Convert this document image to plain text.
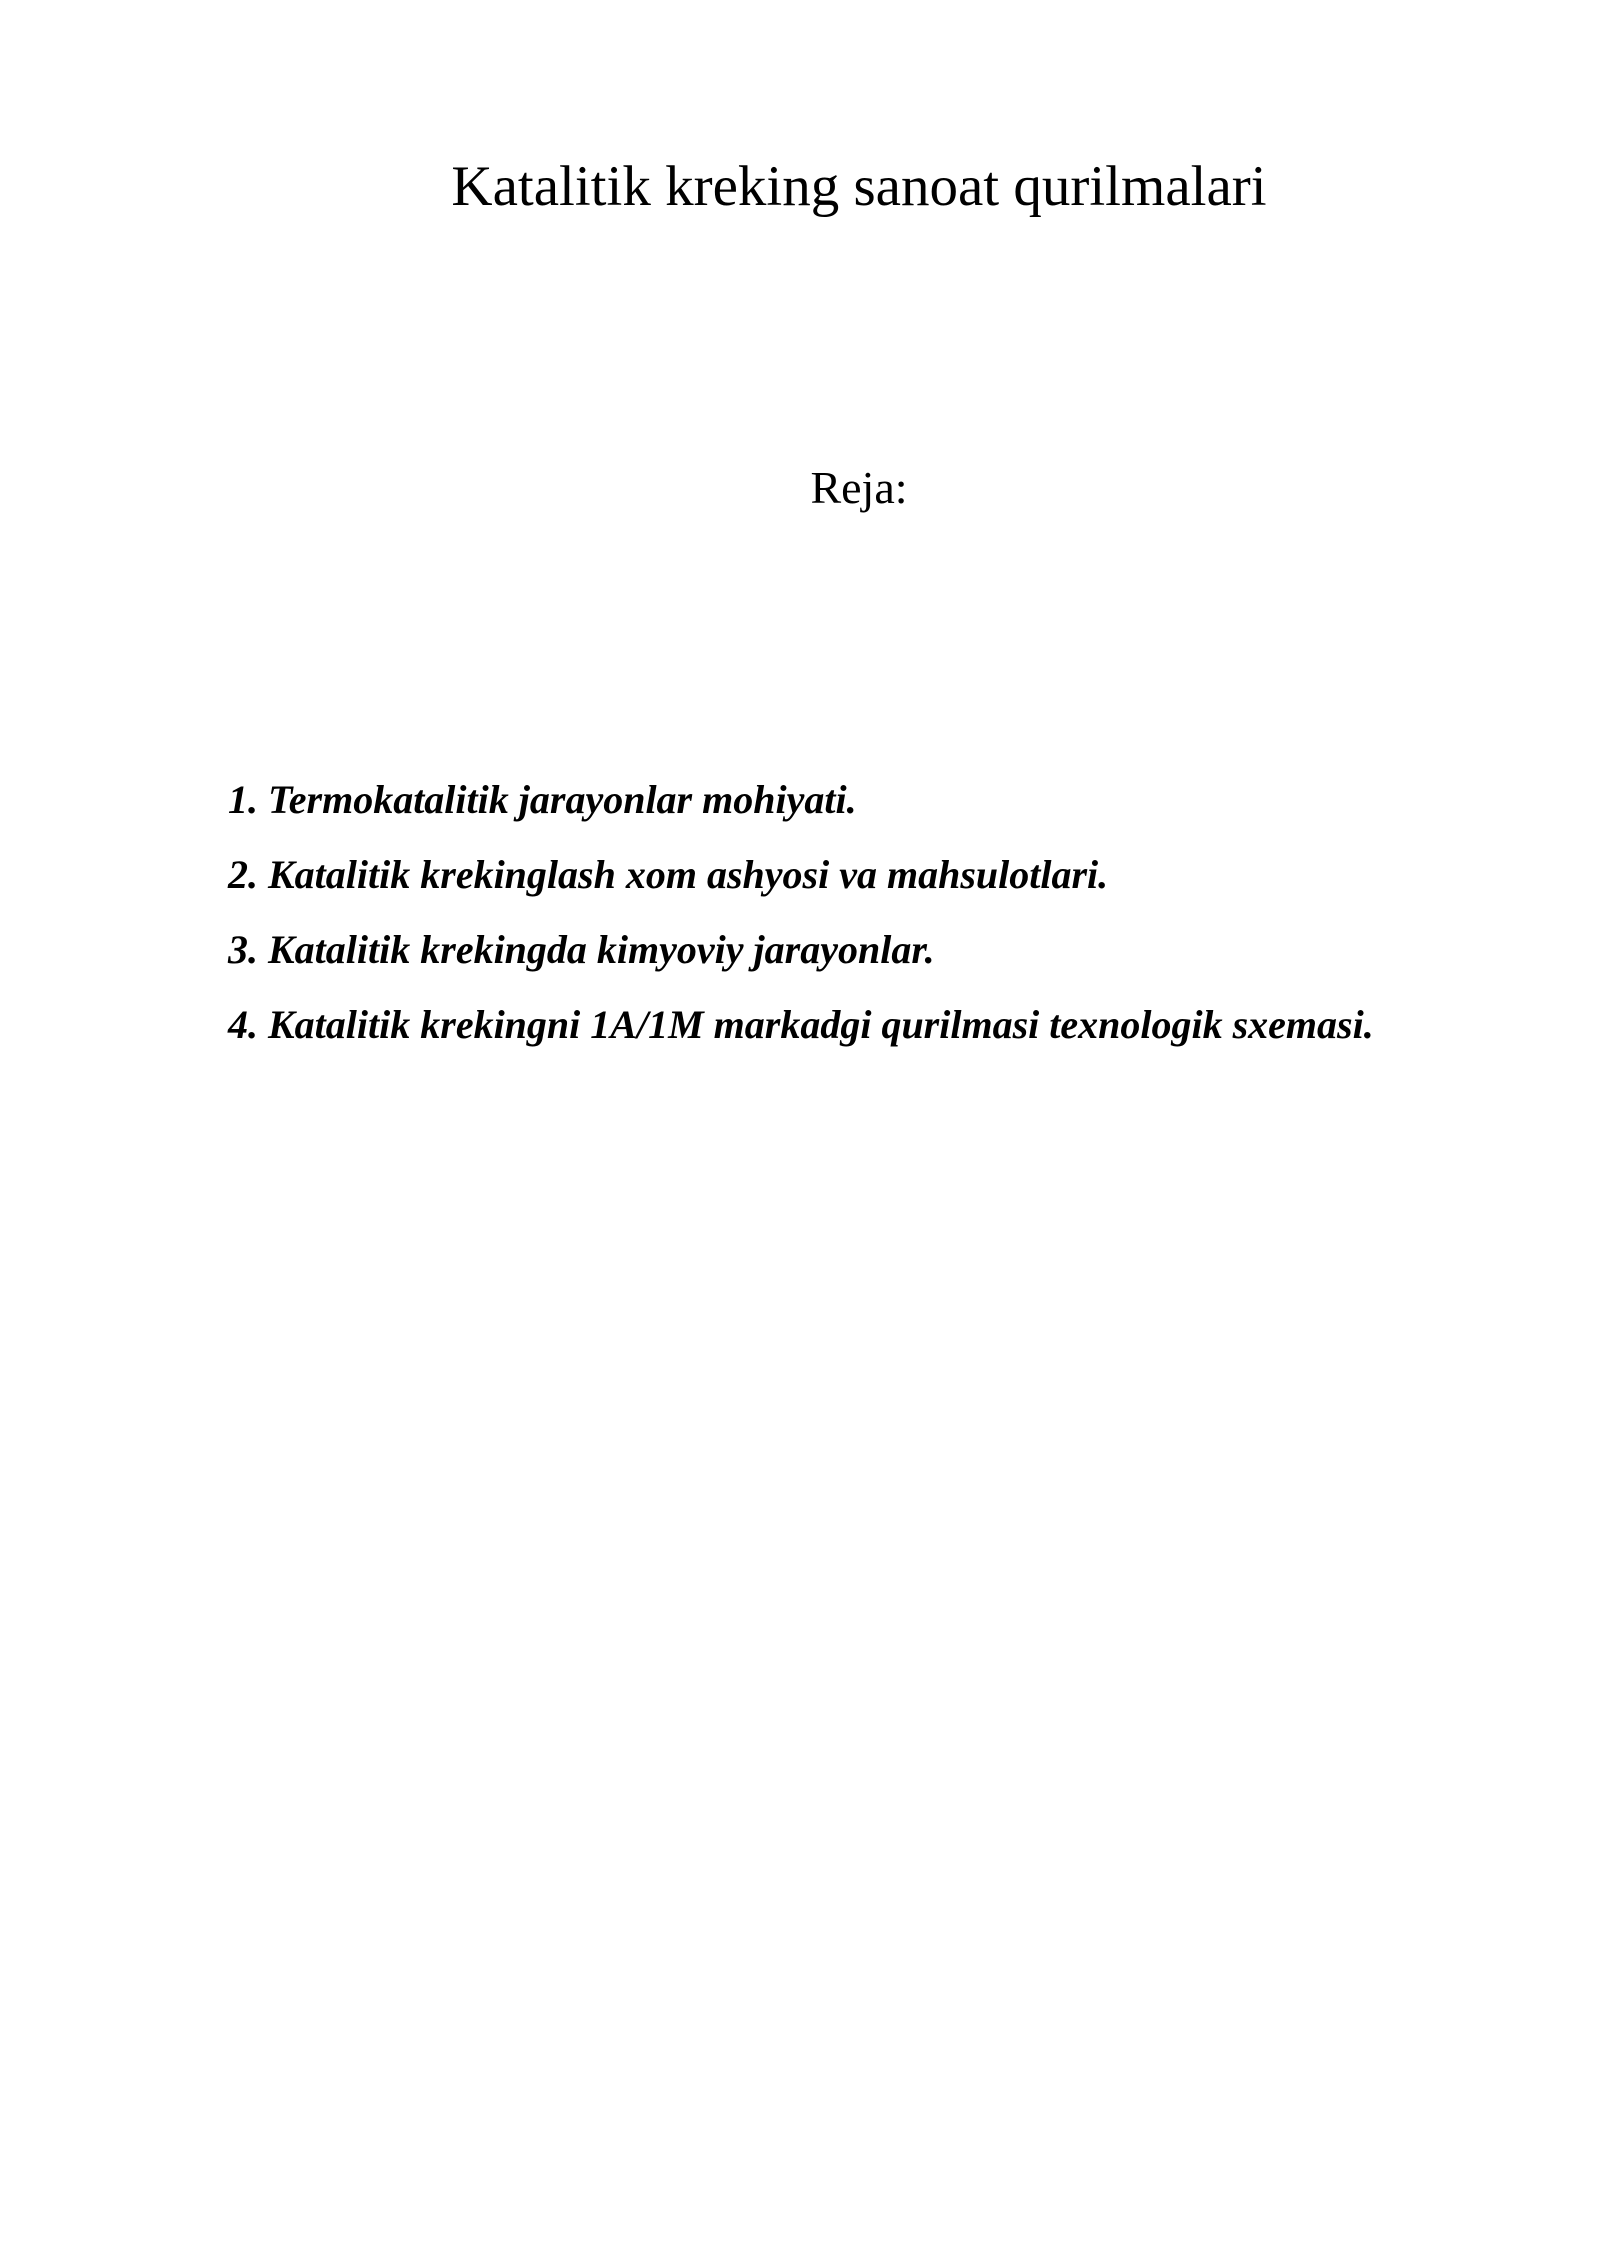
Katalitik kreking sanoat qurilmalari
Reja:
1. Termokatalitik jarayonlar mohiyati.
2. Katalitik krekinglash xom ashyosi va mahsulotlari.
3. Katalitik krekingda kimyoviy jarayonlar.
4. Katalitik krekingni 1A/1M markadgi qurilmasi texnologik sxemasi.
